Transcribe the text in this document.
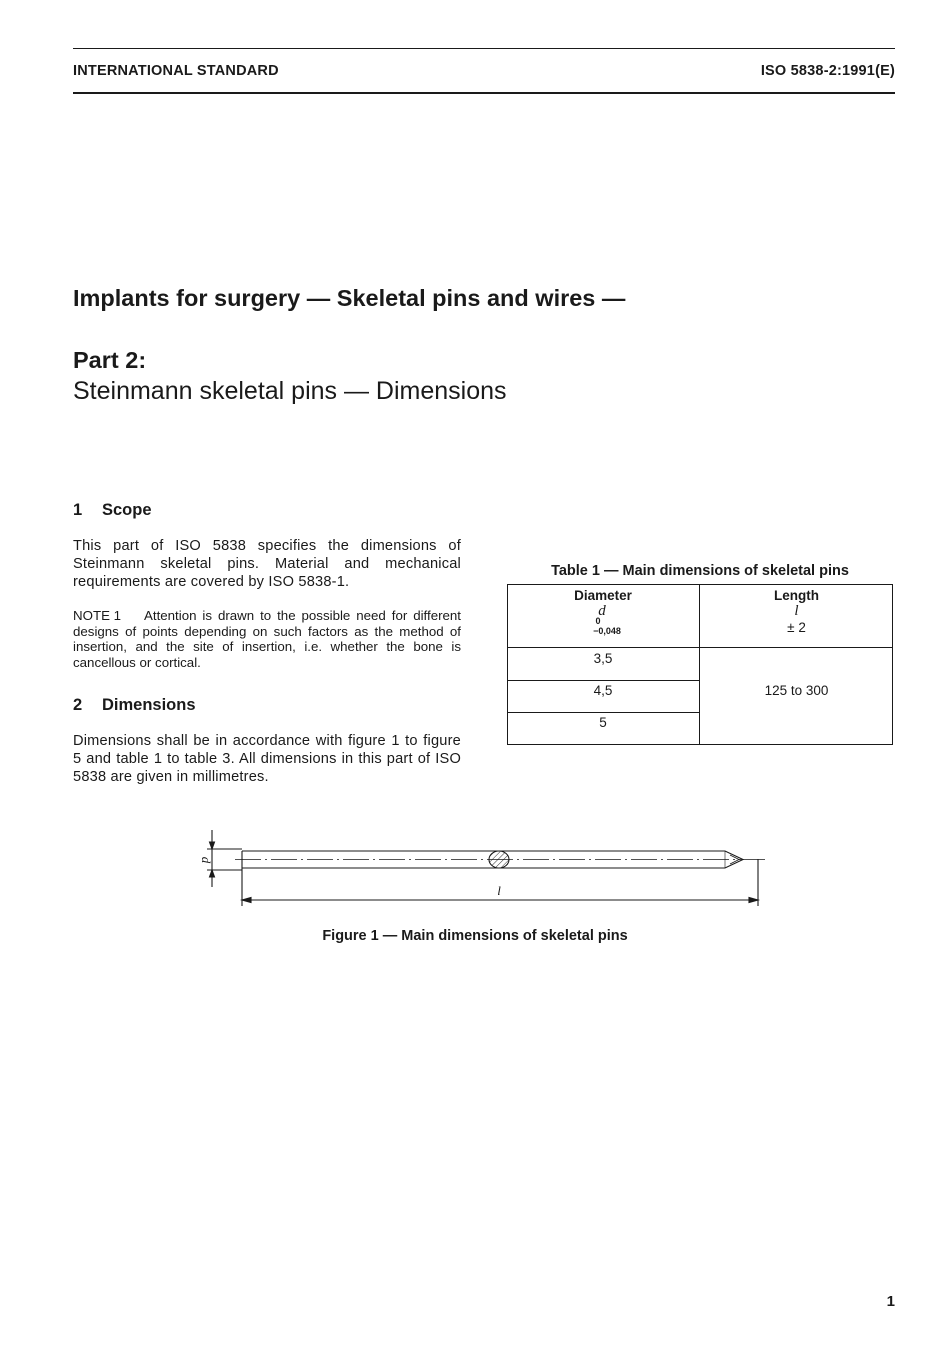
INTERNATIONAL STANDARD	ISO 5838-2:1991(E)
Implants for surgery — Skeletal pins and wires —
Part 2:
Steinmann skeletal pins — Dimensions
1 Scope
This part of ISO 5838 specifies the dimensions of Steinmann skeletal pins. Material and mechanical requirements are covered by ISO 5838-1.
NOTE 1 Attention is drawn to the possible need for different designs of points depending on such factors as the method of insertion, and the site of insertion, i.e. whether the bone is cancellous or cortical.
2 Dimensions
Dimensions shall be in accordance with figure 1 to figure 5 and table 1 to table 3. All dimensions in this part of ISO 5838 are given in millimetres.
Table 1 — Main dimensions of skeletal pins
Diameter
d
0
−0,048
Length
l
± 2
3,5
4,5
5
125 to 300
d
l
Figure 1 — Main dimensions of skeletal pins
1
